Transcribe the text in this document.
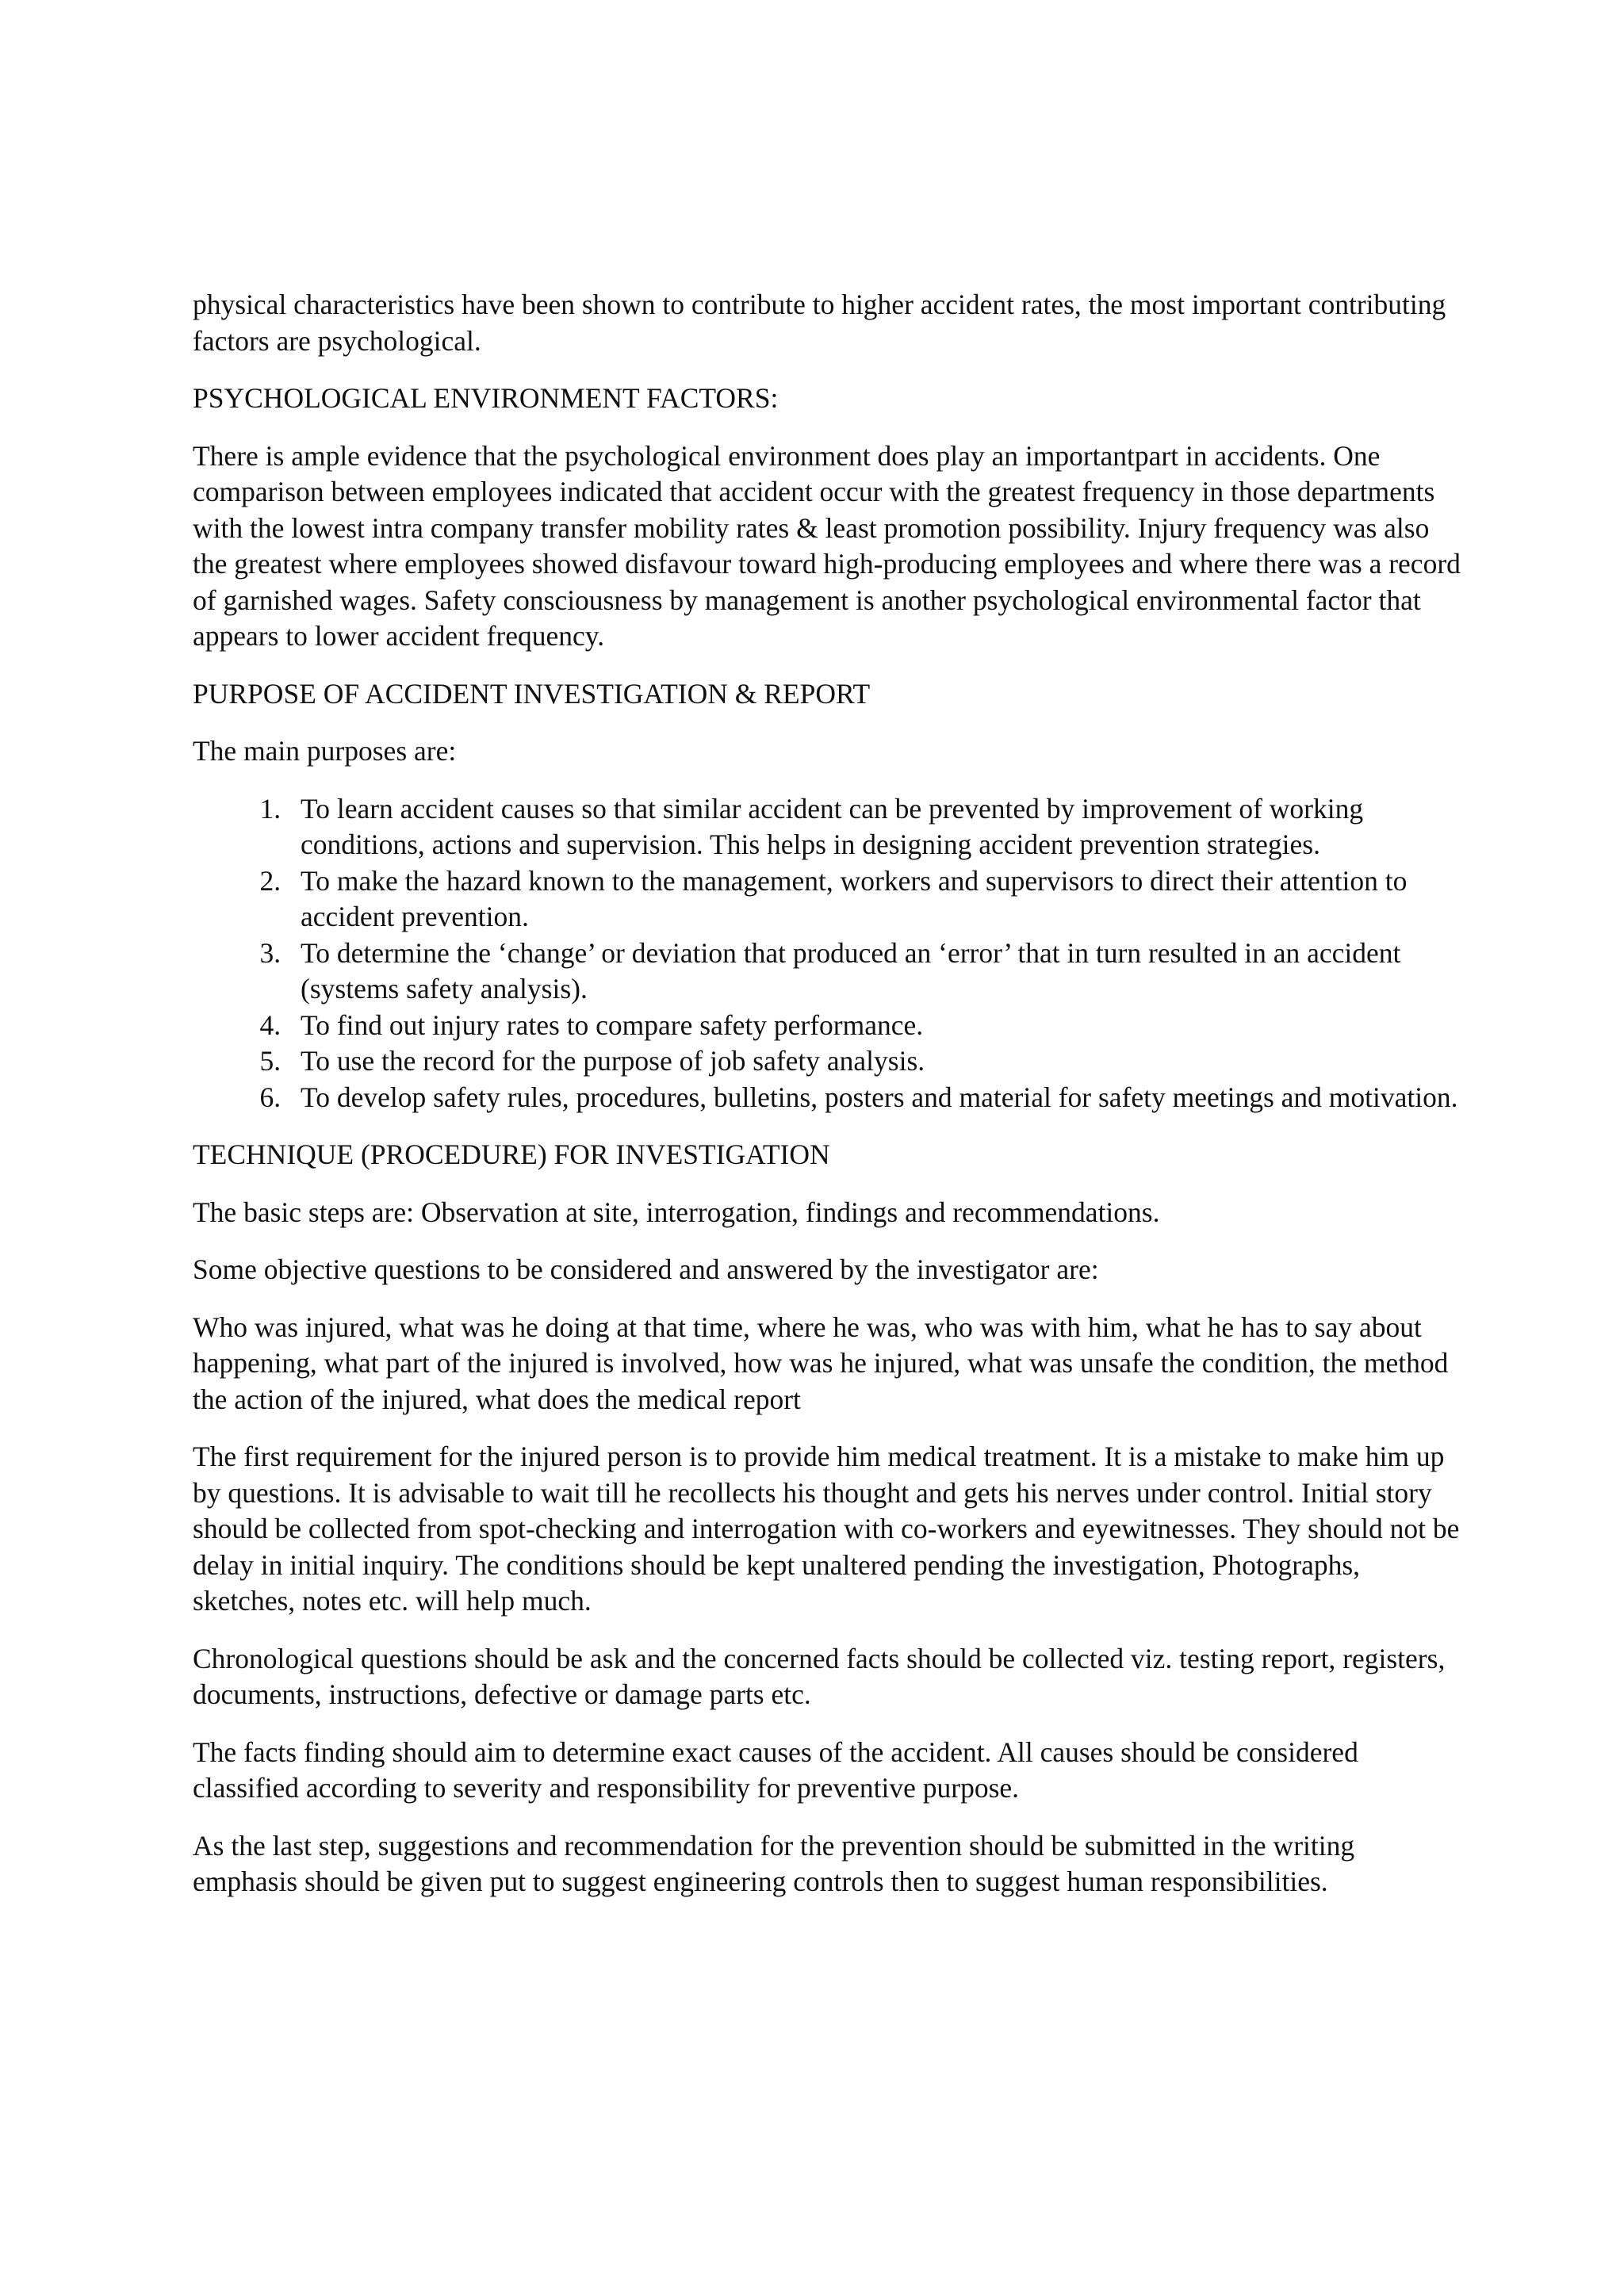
physical characteristics have been shown to contribute to higher accident rates, the most important contributing factors are psychological.

PSYCHOLOGICAL ENVIRONMENT FACTORS:

There is ample evidence that the psychological environment does play an importantpart in accidents. One comparison between employees indicated that accident occur with the greatest frequency in those departments with the lowest intra company transfer mobility rates & least promotion possibility. Injury frequency was also the greatest where employees showed disfavour toward high-producing employees and where there was a record of garnished wages. Safety consciousness by management is another psychological environmental factor that appears to lower accident frequency.

PURPOSE OF ACCIDENT INVESTIGATION & REPORT

The main purposes are:

1. To learn accident causes so that similar accident can be prevented by improvement of working conditions, actions and supervision. This helps in designing accident prevention strategies.
2. To make the hazard known to the management, workers and supervisors to direct their attention to accident prevention.
3. To determine the ‘change’ or deviation that produced an ‘error’ that in turn resulted in an accident (systems safety analysis).
4. To find out injury rates to compare safety performance.
5. To use the record for the purpose of job safety analysis.
6. To develop safety rules, procedures, bulletins, posters and material for safety meetings and motivation.
TECHNIQUE (PROCEDURE) FOR INVESTIGATION

The basic steps are: Observation at site, interrogation, findings and recommendations.

Some objective questions to be considered and answered by the investigator are:

Who was injured, what was he doing at that time, where he was, who was with him, what he has to say about happening, what part of the injured is involved, how was he injured, what was unsafe the condition, the method the action of the injured, what does the medical report

The first requirement for the injured person is to provide him medical treatment. It is a mistake to make him up by questions. It is advisable to wait till he recollects his thought and gets his nerves under control. Initial story should be collected from spot-checking and interrogation with co-workers and eyewitnesses. They should not be delay in initial inquiry. The conditions should be kept unaltered pending the investigation, Photographs, sketches, notes etc. will help much.

Chronological questions should be ask and the concerned facts should be collected viz. testing report, registers, documents, instructions, defective or damage parts etc.

The facts finding should aim to determine exact causes of the accident. All causes should be considered classified according to severity and responsibility for preventive purpose.

As the last step, suggestions and recommendation for the prevention should be submitted in the writing emphasis should be given put to suggest engineering controls then to suggest human responsibilities.
